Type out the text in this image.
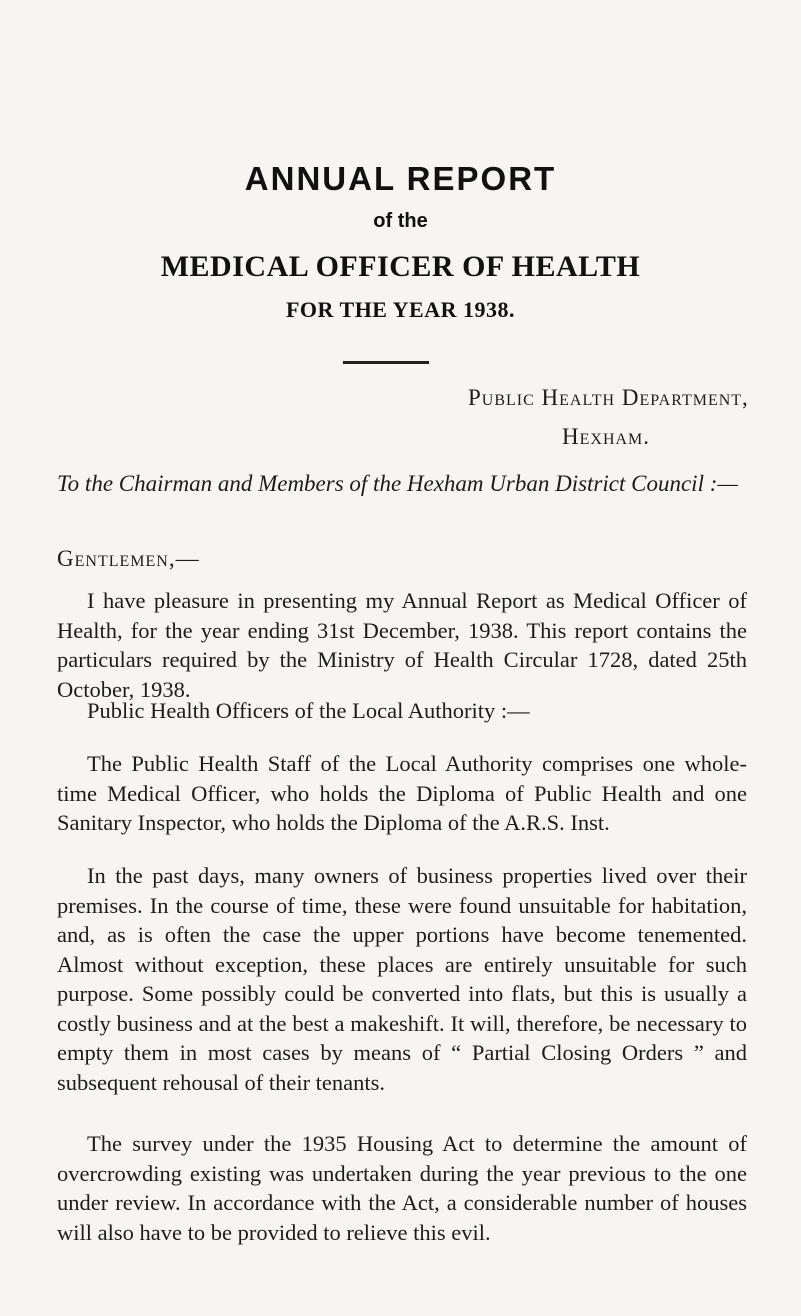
ANNUAL REPORT
of the
MEDICAL OFFICER OF HEALTH
FOR THE YEAR 1938.
Public Health Department,
Hexham.
To the Chairman and Members of the Hexham Urban District Council :—
Gentlemen,—

I have pleasure in presenting my Annual Report as Medical Officer of Health, for the year ending 31st December, 1938. This report contains the particulars required by the Ministry of Health Circular 1728, dated 25th October, 1938.

Public Health Officers of the Local Authority :—

The Public Health Staff of the Local Authority comprises one whole-time Medical Officer, who holds the Diploma of Public Health and one Sanitary Inspector, who holds the Diploma of the A.R.S. Inst.

In the past days, many owners of business properties lived over their premises. In the course of time, these were found unsuitable for habitation, and, as is often the case the upper portions have become tenemented. Almost without exception, these places are entirely unsuitable for such purpose. Some possibly could be converted into flats, but this is usually a costly business and at the best a makeshift. It will, therefore, be necessary to empty them in most cases by means of “ Partial Closing Orders ” and subsequent rehousal of their tenants.

The survey under the 1935 Housing Act to determine the amount of overcrowding existing was undertaken during the year previous to the one under review. In accordance with the Act, a considerable number of houses will also have to be provided to relieve this evil.
